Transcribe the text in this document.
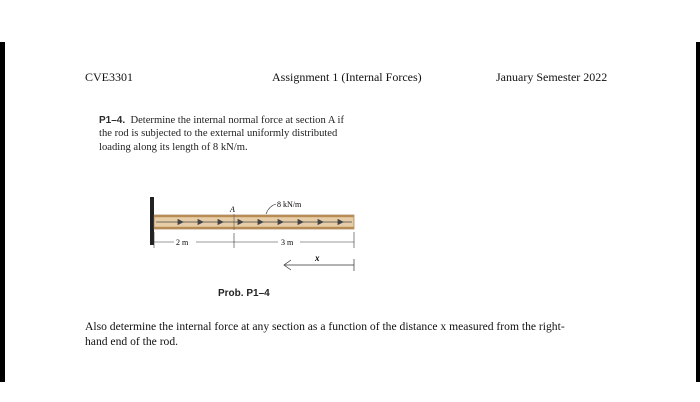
CVE3301	Assignment 1 (Internal Forces)	January Semester 2022
P1–4. Determine the internal normal force at section A if
the rod is subjected to the external uniformly distributed
loading along its length of 8 kN/m.
A
8 kN/m
2 m	3 m
x
Prob. P1–4
Also determine the internal force at any section as a function of the distance x measured from the right-
hand end of the rod.
